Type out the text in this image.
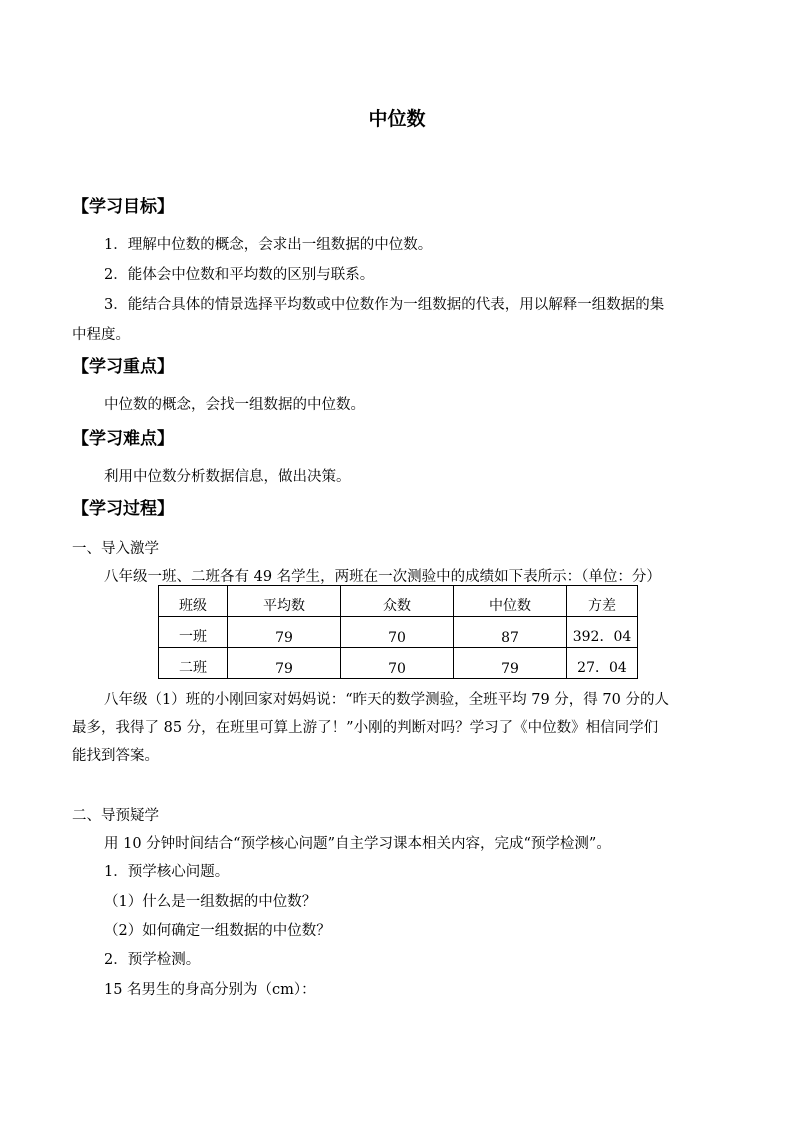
中位数
【学习目标】
1．理解中位数的概念，会求出一组数据的中位数。
2．能体会中位数和平均数的区别与联系。
3．能结合具体的情景选择平均数或中位数作为一组数据的代表，用以解释一组数据的集
中程度。
【学习重点】
中位数的概念，会找一组数据的中位数。
【学习难点】
利用中位数分析数据信息，做出决策。
【学习过程】
一、导入激学
八年级一班、二班各有 49 名学生，两班在一次测验中的成绩如下表所示：（单位：分）
班级	平均数	众数	中位数	方差
一班	79	70	87	392．04
二班	79	70	79	27．04
八年级（1）班的小刚回家对妈妈说：“昨天的数学测验，全班平均 79 分，得 70 分的人
最多，我得了 85 分，在班里可算上游了！”小刚的判断对吗？学习了《中位数》相信同学们
能找到答案。
二、导预疑学
用 10 分钟时间结合“预学核心问题”自主学习课本相关内容，完成“预学检测”。
1．预学核心问题。
（1）什么是一组数据的中位数？
（2）如何确定一组数据的中位数？
2．预学检测。
15 名男生的身高分别为（cm）：
